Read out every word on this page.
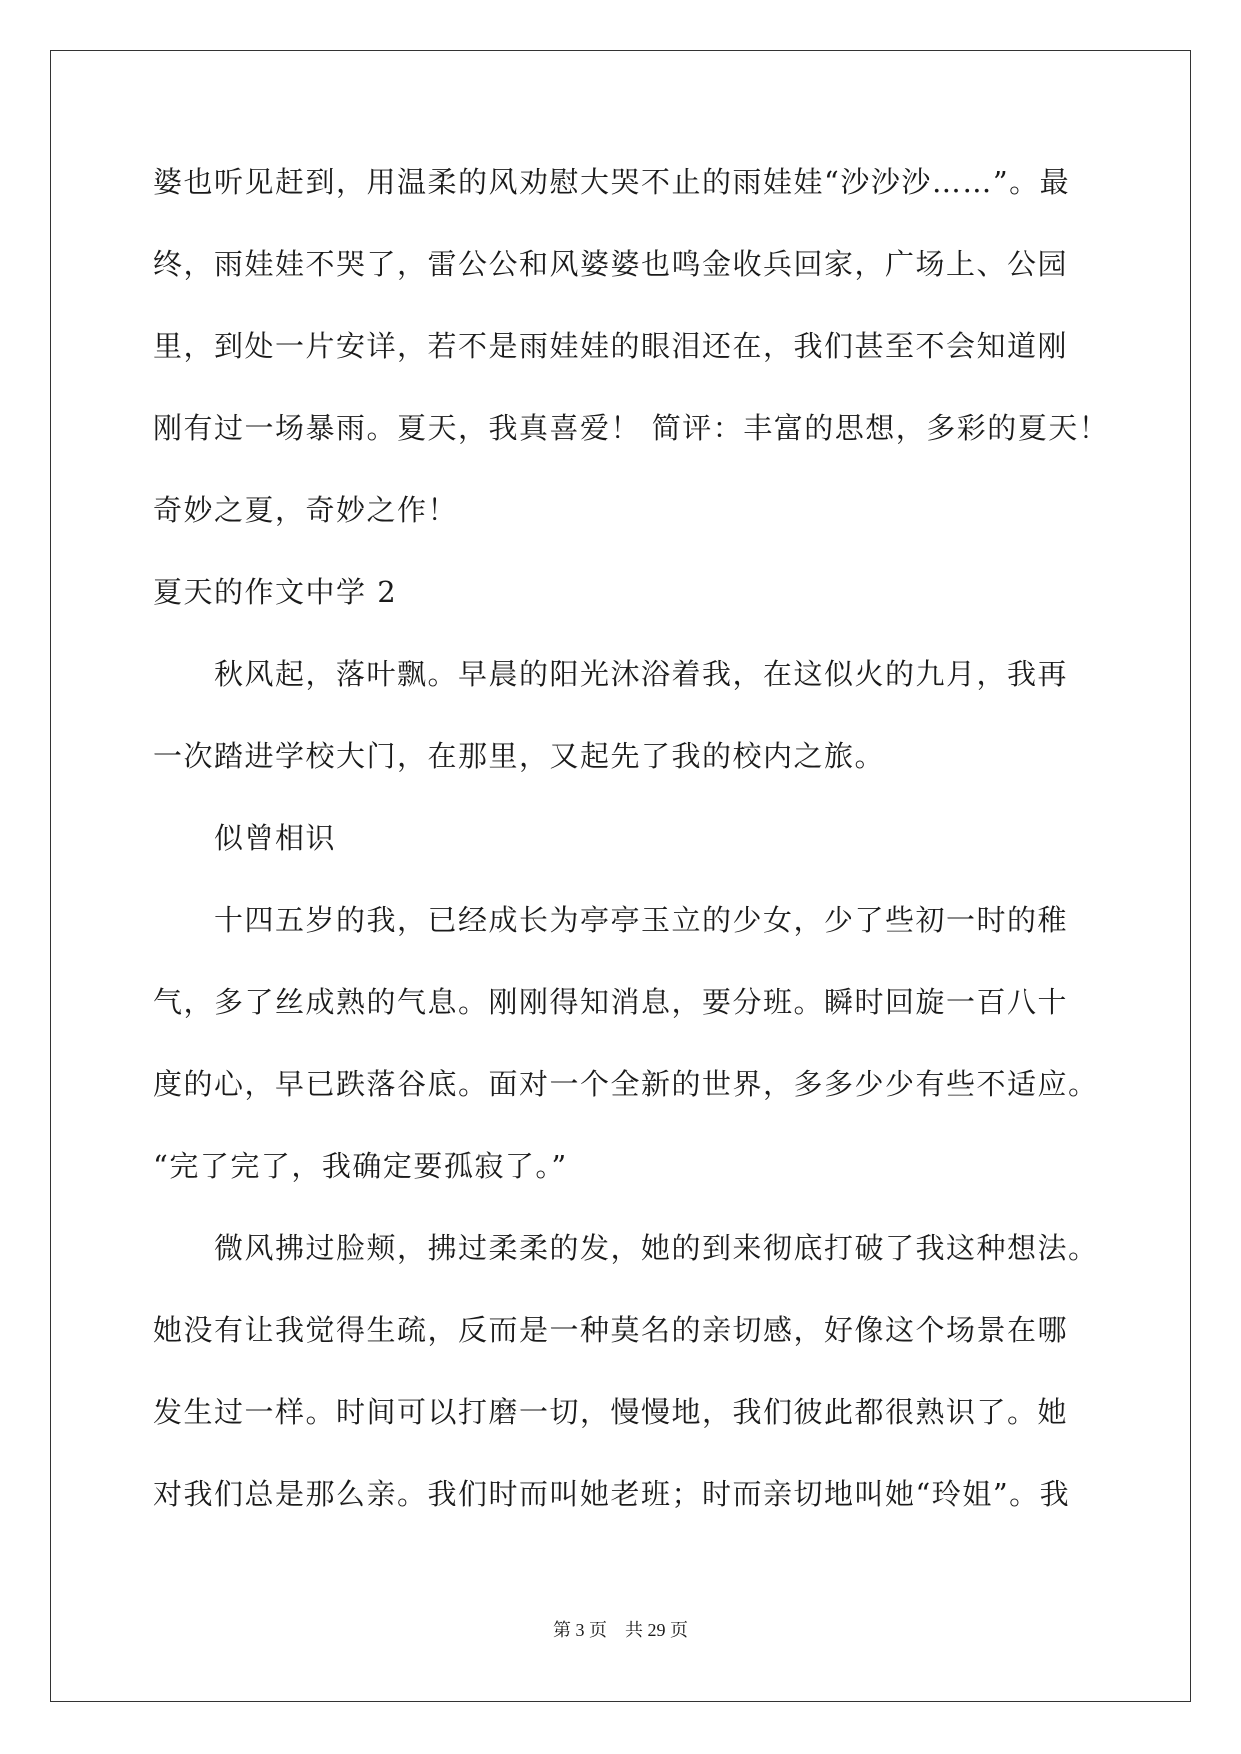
婆也听见赶到，用温柔的风劝慰大哭不止的雨娃娃“沙沙沙……”。最
终，雨娃娃不哭了，雷公公和风婆婆也鸣金收兵回家，广场上、公园
里，到处一片安详，若不是雨娃娃的眼泪还在，我们甚至不会知道刚
刚有过一场暴雨。夏天，我真喜爱！ 简评：丰富的思想，多彩的夏天！
奇妙之夏，奇妙之作！
夏天的作文中学 2
　　秋风起，落叶飘。早晨的阳光沐浴着我，在这似火的九月，我再
一次踏进学校大门，在那里，又起先了我的校内之旅。
　　似曾相识
　　十四五岁的我，已经成长为亭亭玉立的少女，少了些初一时的稚
气，多了丝成熟的气息。刚刚得知消息，要分班。瞬时回旋一百八十
度的心，早已跌落谷底。面对一个全新的世界，多多少少有些不适应。
“完了完了，我确定要孤寂了。”
　　微风拂过脸颊，拂过柔柔的发，她的到来彻底打破了我这种想法。
她没有让我觉得生疏，反而是一种莫名的亲切感，好像这个场景在哪
发生过一样。时间可以打磨一切，慢慢地，我们彼此都很熟识了。她
对我们总是那么亲。我们时而叫她老班；时而亲切地叫她“玲姐”。我
第 3 页 共 29 页
